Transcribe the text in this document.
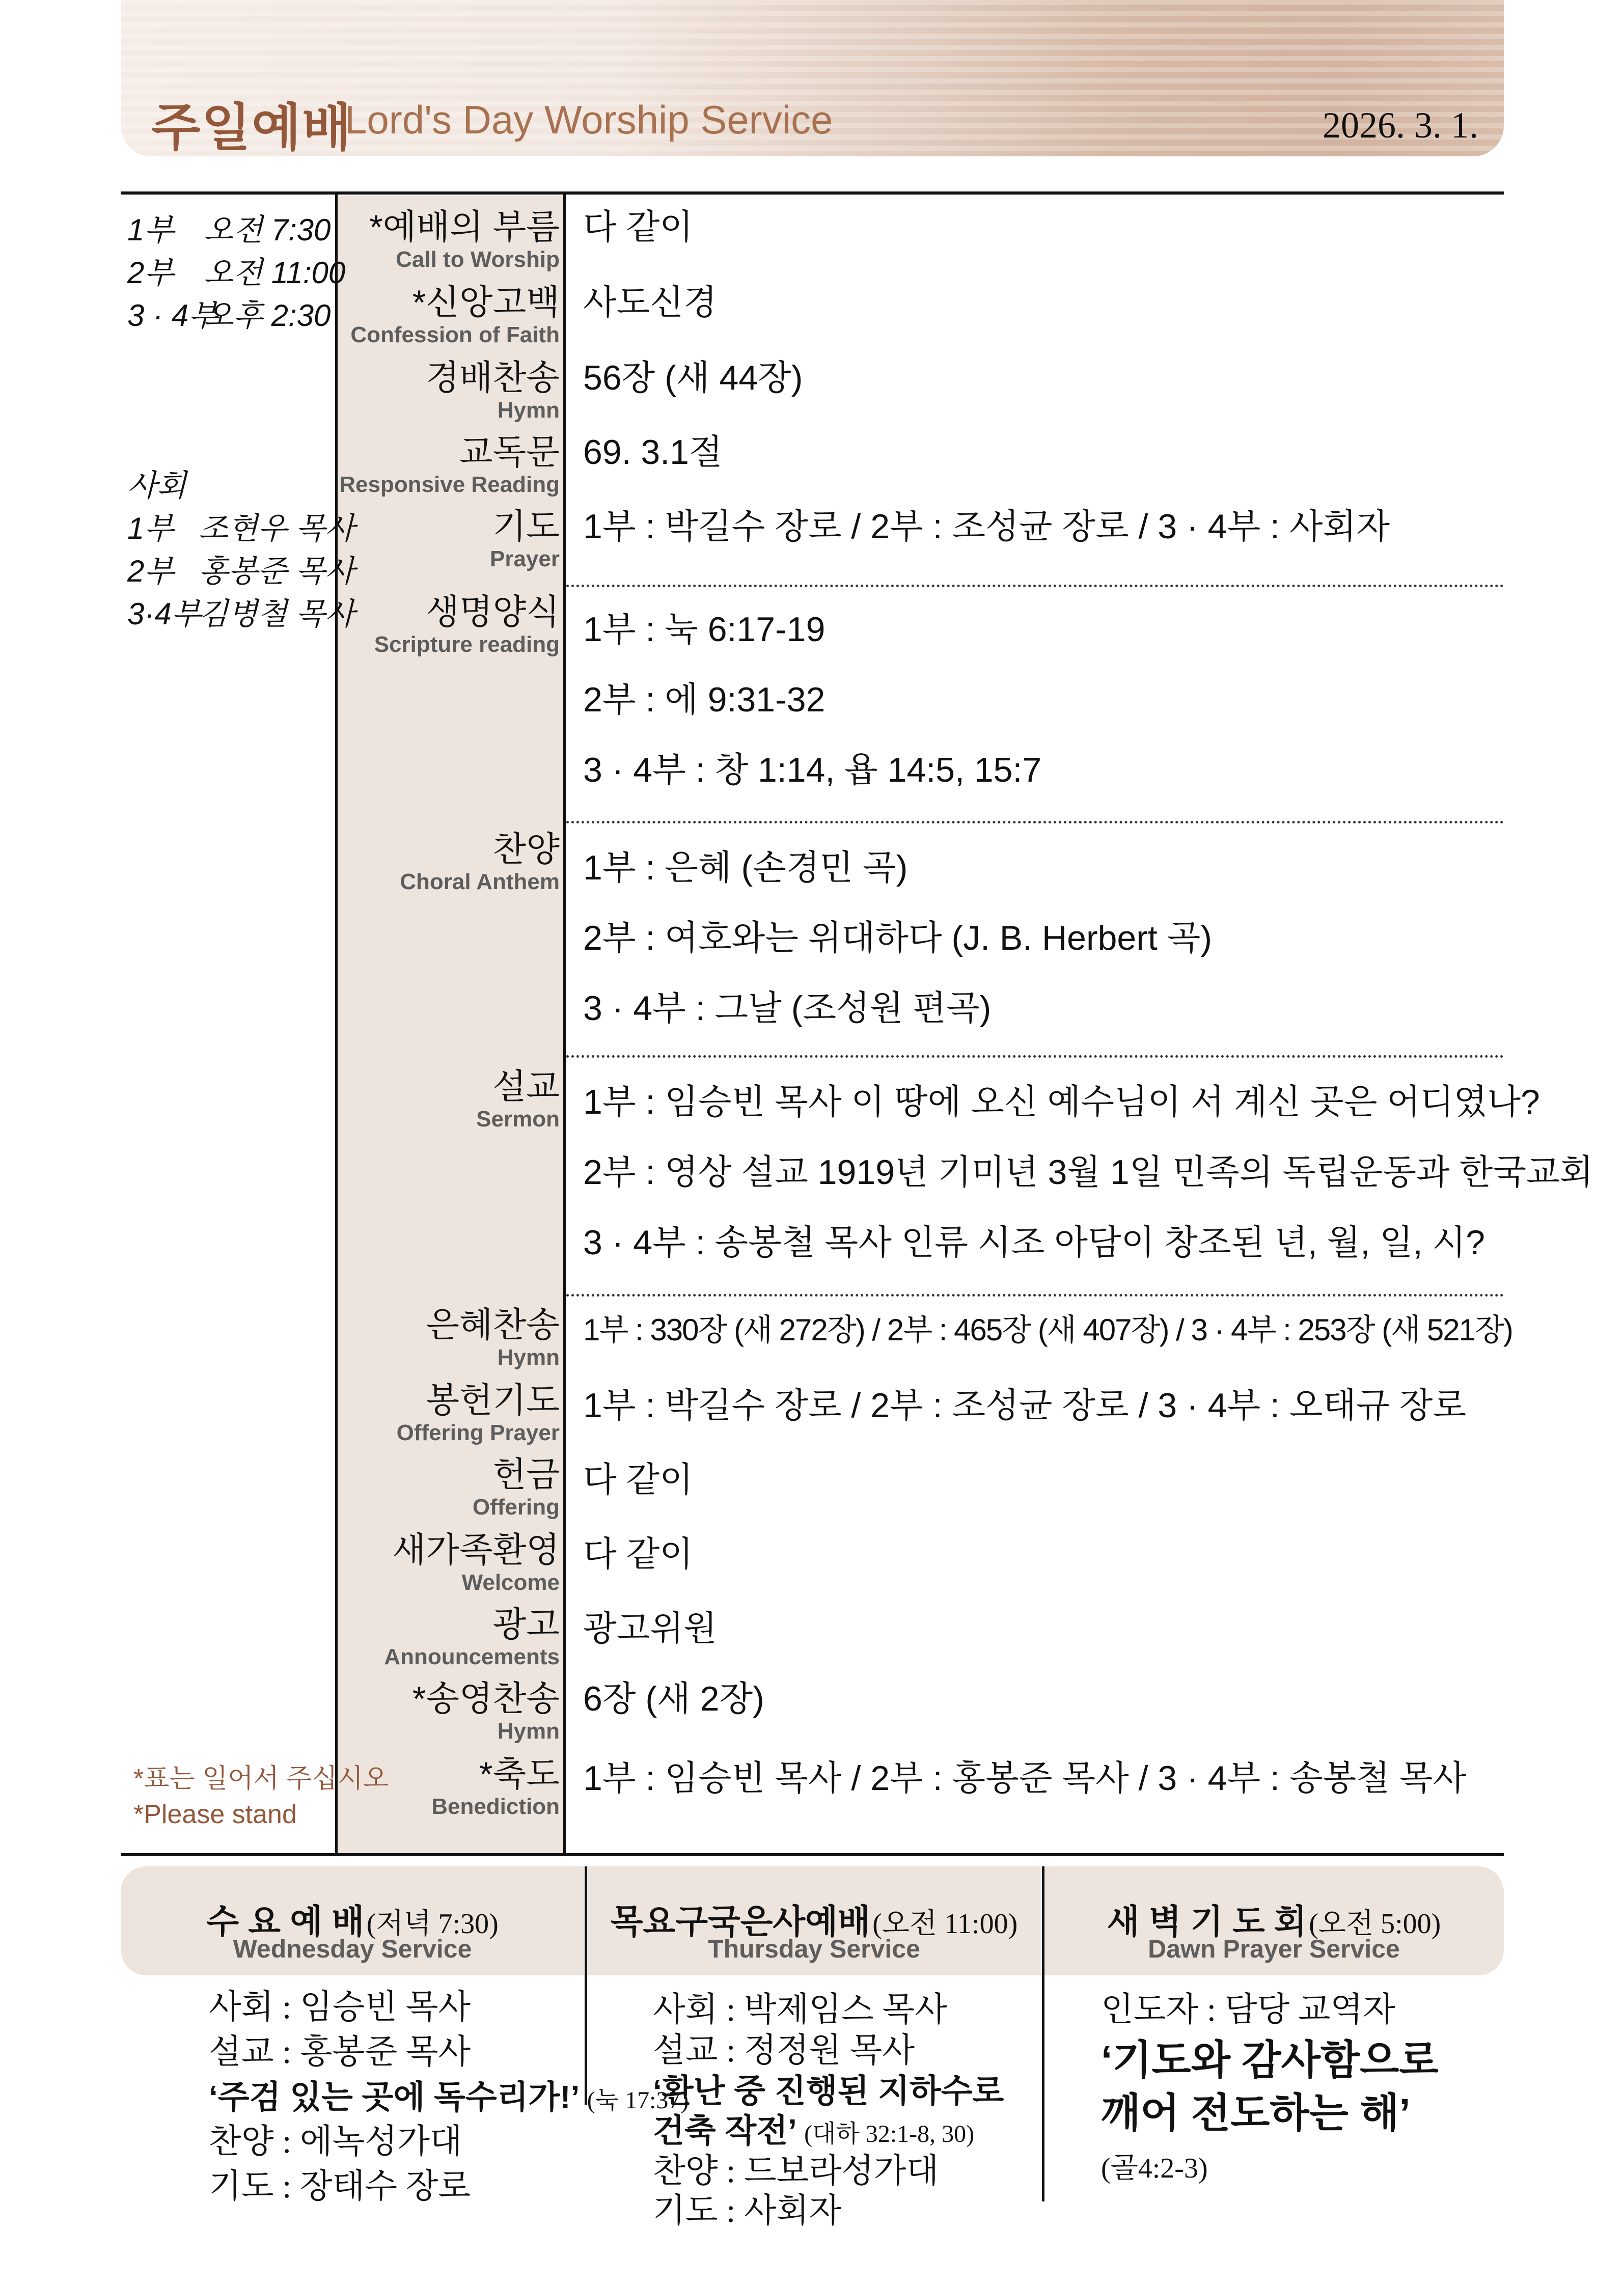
주일예배
Lord's Day Worship Service	2026. 3. 1.
1부 오전 7:30
2부 오전 11:00
3 · 4부오후 2:30
사회
1부 조현우 목사
2부 홍봉준 목사
3·4부김병철 목사
*표는 일어서 주십시오
*Please stand
*예배의 부름
Call to Worship
*신앙고백
Confession of Faith
경배찬송
Hymn
교독문
Responsive Reading
기도
Prayer
생명양식
Scripture reading
찬양
Choral Anthem
설교
Sermon
은혜찬송
Hymn
봉헌기도
Offering Prayer
헌금
Offering
새가족환영
Welcome
광고
Announcements
*송영찬송
Hymn
*축도
Benediction
다 같이
사도신경
56장 (새 44장)
69. 3.1절
1부 : 박길수 장로 / 2부 : 조성균 장로 / 3 · 4부 : 사회자
1부 : 눅 6:17-19
2부 : 에 9:31-32
3 · 4부 : 창 1:14, 욥 14:5, 15:7
1부 : 은혜 (손경민 곡)
2부 : 여호와는 위대하다 (J. B. Herbert 곡)
3 · 4부 : 그날 (조성원 편곡)
1부 : 임승빈 목사 이 땅에 오신 예수님이 서 계신 곳은 어디였나?
2부 : 영상 설교 1919년 기미년 3월 1일 민족의 독립운동과 한국교회
3 · 4부 : 송봉철 목사 인류 시조 아담이 창조된 년, 월, 일, 시?
1부 : 330장 (새 272장) / 2부 : 465장 (새 407장) / 3 · 4부 : 253장 (새 521장)
1부 : 박길수 장로 / 2부 : 조성균 장로 / 3 · 4부 : 오태규 장로
다 같이
다 같이
광고위원
6장 (새 2장)
1부 : 임승빈 목사 / 2부 : 홍봉준 목사 / 3 · 4부 : 송봉철 목사
수 요 예 배 (저녁 7:30)
Wednesday Service
목요구국은사예배 (오전 11:00)
Thursday Service
새 벽 기 도 회 (오전 5:00)
Dawn Prayer Service
사회 : 임승빈 목사
설교 : 홍봉준 목사
‘주검 있는 곳에 독수리가!’ (눅 17:37)
찬양 : 에녹성가대
기도 : 장태수 장로
사회 : 박제임스 목사
설교 : 정정원 목사
‘환난 중 진행된 지하수로
건축 작전’ (대하 32:1-8, 30)
찬양 : 드보라성가대
기도 : 사회자
인도자 : 담당 교역자
‘기도와 감사함으로
깨어 전도하는 해’
(골4:2-3)
